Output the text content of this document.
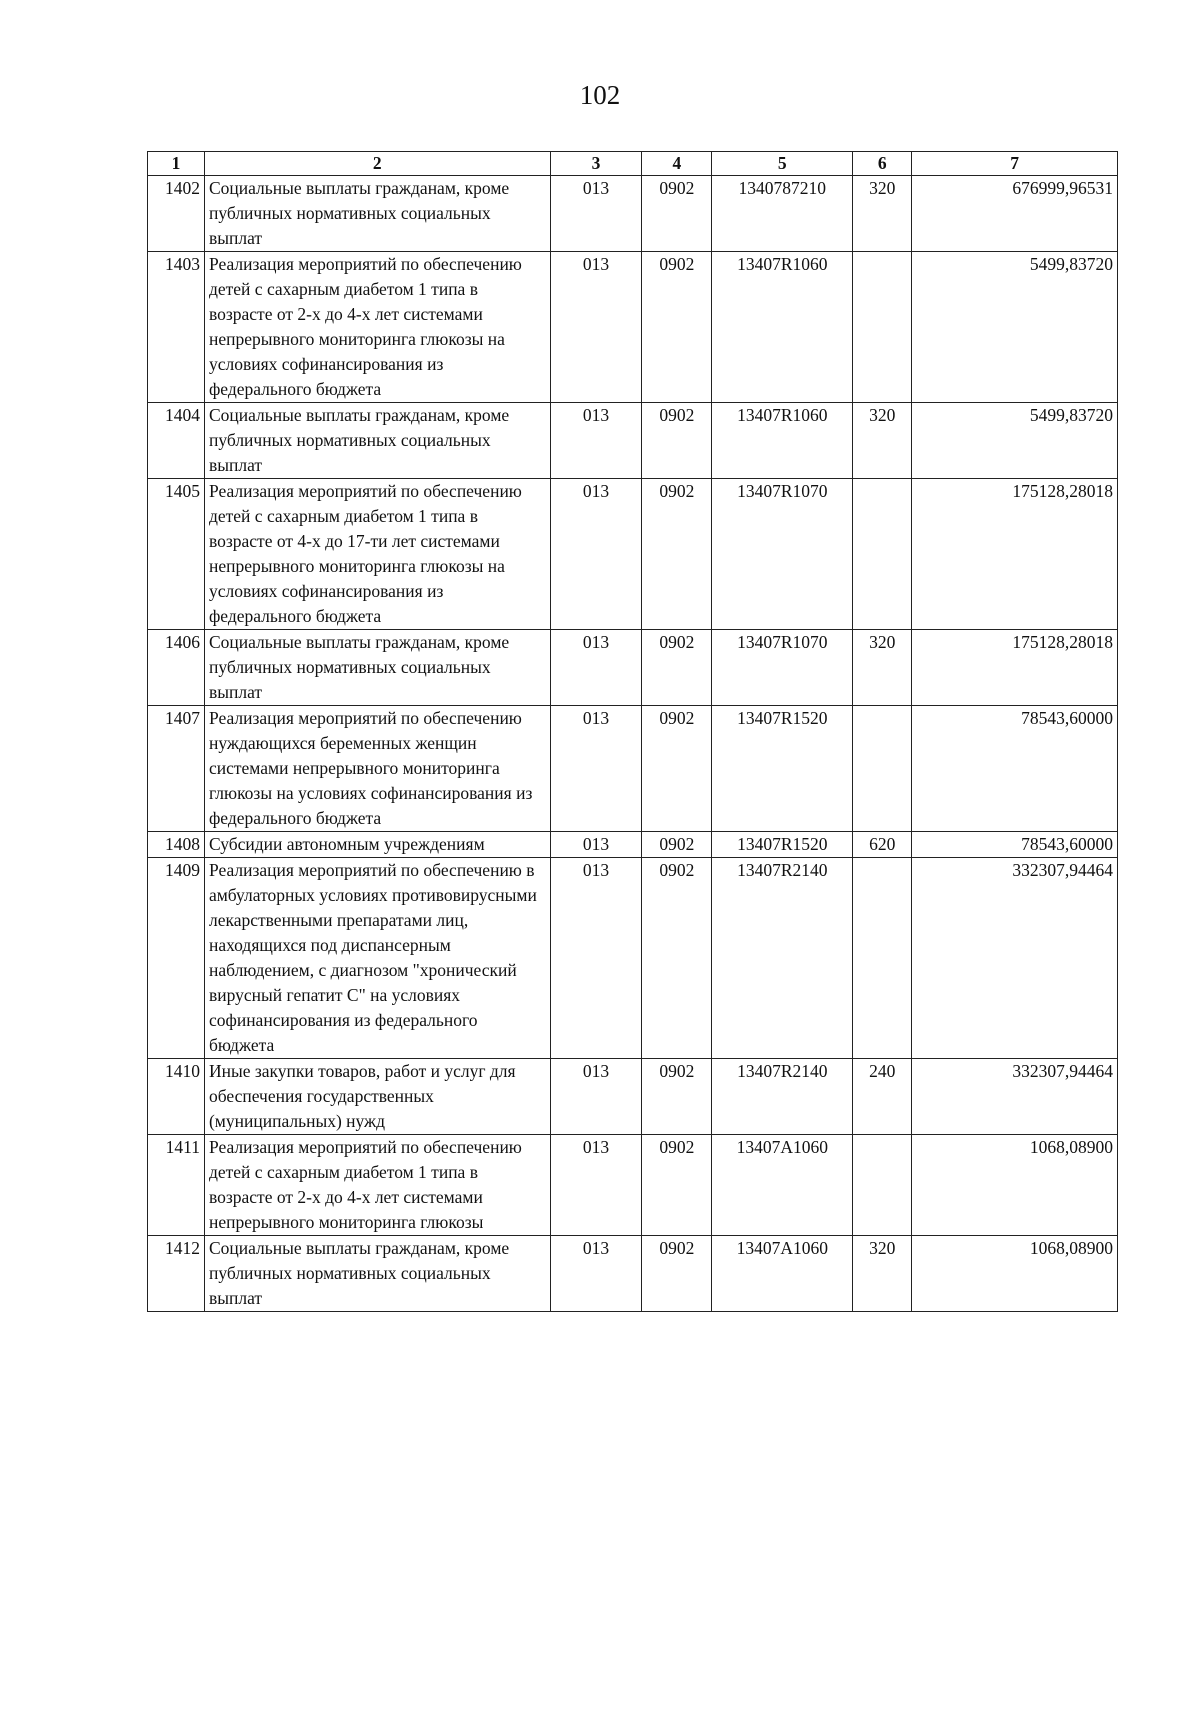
102
1	2	3	4	5	6	7
1402	Социальные выплаты гражданам, кроме публичных нормативных социальных выплат	013	0902	1340787210	320	676999,96531
1403	Реализация мероприятий по обеспечению детей с сахарным диабетом 1 типа в возрасте от 2-х до 4-х лет системами непрерывного мониторинга глюкозы на условиях софинансирования из федерального бюджета	013	0902	13407R1060		5499,83720
1404	Социальные выплаты гражданам, кроме публичных нормативных социальных выплат	013	0902	13407R1060	320	5499,83720
1405	Реализация мероприятий по обеспечению детей с сахарным диабетом 1 типа в возрасте от 4-х до 17-ти лет системами непрерывного мониторинга глюкозы на условиях софинансирования из федерального бюджета	013	0902	13407R1070		175128,28018
1406	Социальные выплаты гражданам, кроме публичных нормативных социальных выплат	013	0902	13407R1070	320	175128,28018
1407	Реализация мероприятий по обеспечению нуждающихся беременных женщин системами непрерывного мониторинга глюкозы на условиях софинансирования из федерального бюджета	013	0902	13407R1520		78543,60000
1408	Субсидии автономным учреждениям	013	0902	13407R1520	620	78543,60000
1409	Реализация мероприятий по обеспечению в амбулаторных условиях противовирусными лекарственными препаратами лиц, находящихся под диспансерным наблюдением, с диагнозом "хронический вирусный гепатит С" на условиях софинансирования из федерального бюджета	013	0902	13407R2140		332307,94464
1410	Иные закупки товаров, работ и услуг для обеспечения государственных (муниципальных) нужд	013	0902	13407R2140	240	332307,94464
1411	Реализация мероприятий по обеспечению детей с сахарным диабетом 1 типа в возрасте от 2-х до 4-х лет системами непрерывного мониторинга глюкозы	013	0902	13407A1060		1068,08900
1412	Социальные выплаты гражданам, кроме публичных нормативных социальных выплат	013	0902	13407A1060	320	1068,08900
